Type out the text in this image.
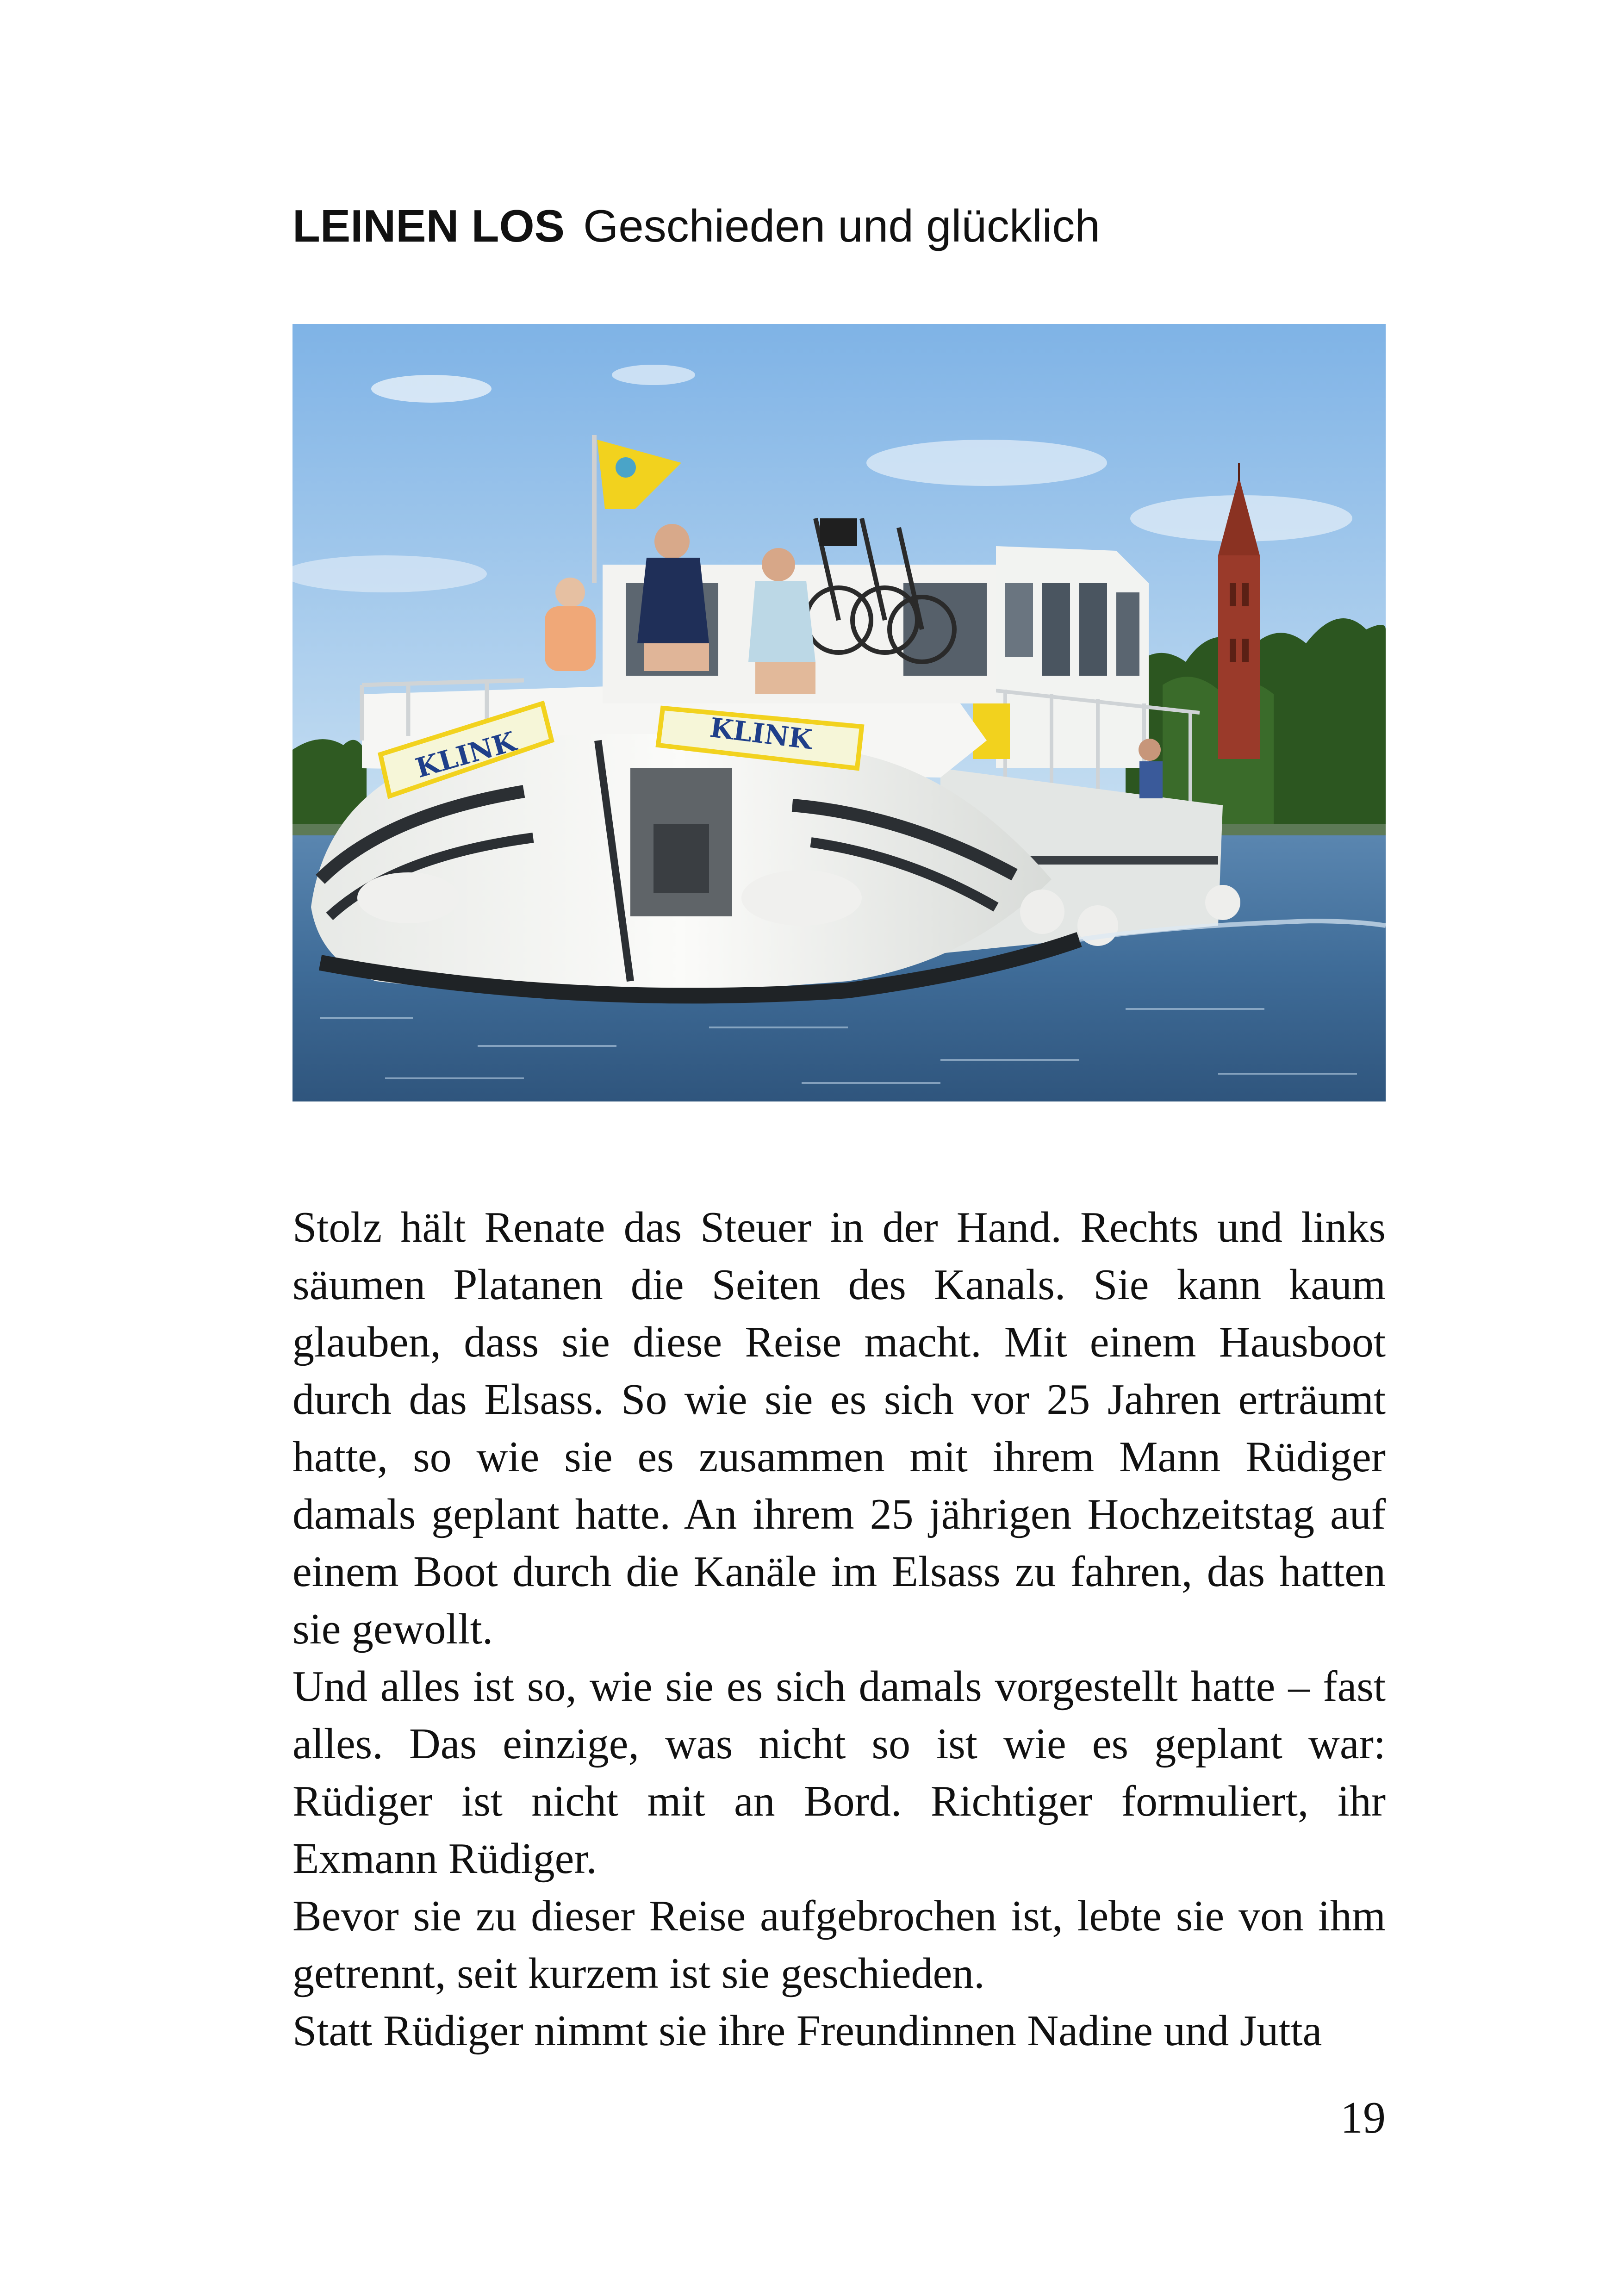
LEINEN LOS Geschieden und glücklich
KLINK	KLINK

Stolz hält Renate das Steuer in der Hand. Rechts und links säumen Platanen die Seiten des Kanals. Sie kann kaum glauben, dass sie diese Reise macht. Mit einem Hausboot durch das Elsass. So wie sie es sich vor 25 Jahren erträumt hatte, so wie sie es zusammen mit ihrem Mann Rüdiger damals geplant hatte. An ihrem 25 jährigen Hochzeitstag auf einem Boot durch die Kanäle im Elsass zu fahren, das hatten sie gewollt.

Und alles ist so, wie sie es sich damals vorgestellt hatte – fast alles. Das einzige, was nicht so ist wie es geplant war: Rüdiger ist nicht mit an Bord. Richtiger formuliert, ihr Exmann Rüdiger.

Bevor sie zu dieser Reise aufgebrochen ist, lebte sie von ihm getrennt, seit kurzem ist sie geschieden.

Statt Rüdiger nimmt sie ihre Freundinnen Nadine und Jutta

19
